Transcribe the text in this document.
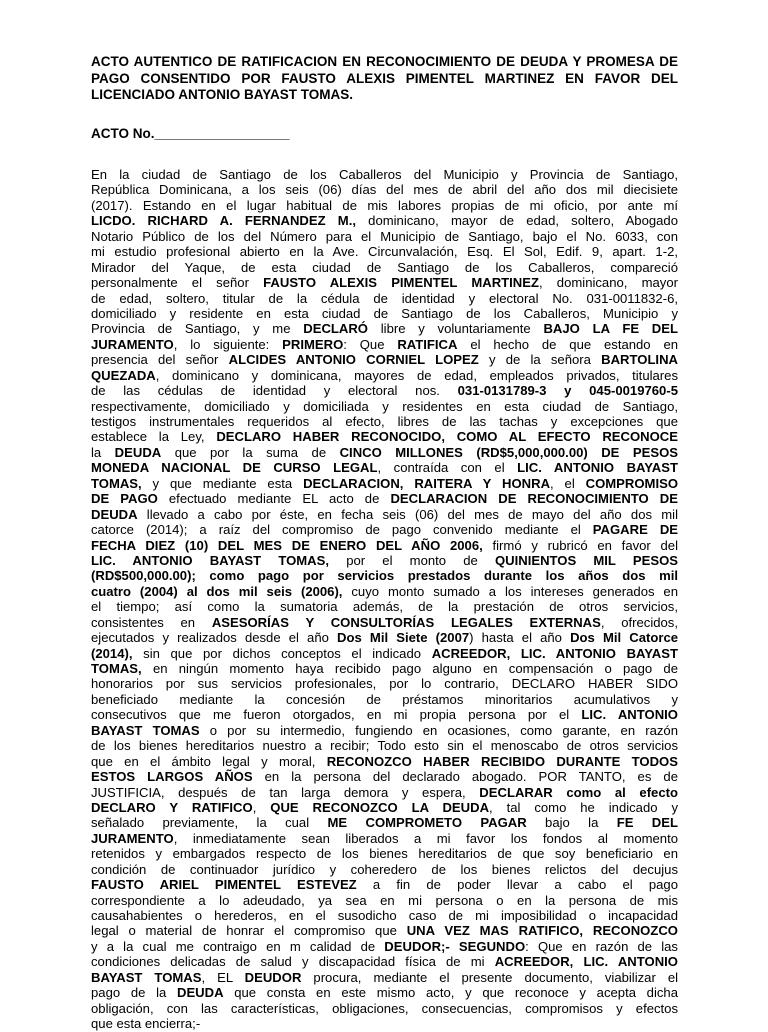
ACTO AUTENTICO DE RATIFICACION EN RECONOCIMIENTO DE DEUDA Y PROMESA DE PAGO CONSENTIDO POR FAUSTO ALEXIS PIMENTEL MARTINEZ EN FAVOR DEL LICENCIADO ANTONIO BAYAST TOMAS.
ACTO No.__________________
En la ciudad de Santiago de los Caballeros del Municipio y Provincia de Santiago,
República Dominicana, a los seis (06) días del mes de abril del año dos mil diecisiete
(2017). Estando en el lugar habitual de mis labores propias de mi oficio, por ante mí
LICDO. RICHARD A. FERNANDEZ M., dominicano, mayor de edad, soltero, Abogado
Notario Público de los del Número para el Municipio de Santiago, bajo el No. 6033, con
mi estudio profesional abierto en la Ave. Circunvalación, Esq. El Sol, Edif. 9, apart. 1-2,
Mirador del Yaque, de esta ciudad de Santiago de los Caballeros, compareció
personalmente el señor FAUSTO ALEXIS PIMENTEL MARTINEZ, dominicano, mayor
de edad, soltero, titular de la cédula de identidad y electoral No. 031-0011832-6,
domiciliado y residente en esta ciudad de Santiago de los Caballeros, Municipio y
Provincia de Santiago, y me DECLARÓ libre y voluntariamente BAJO LA FE DEL
JURAMENTO, lo siguiente: PRIMERO: Que RATIFICA el hecho de que estando en
presencia del señor ALCIDES ANTONIO CORNIEL LOPEZ y de la señora BARTOLINA
QUEZADA, dominicano y dominicana, mayores de edad, empleados privados, titulares
de las cédulas de identidad y electoral nos. 031-0131789-3 y 045-0019760-5
respectivamente, domiciliado y domiciliada y residentes en esta ciudad de Santiago,
testigos instrumentales requeridos al efecto, libres de las tachas y excepciones que
establece la Ley, DECLARO HABER RECONOCIDO, COMO AL EFECTO RECONOCE
la DEUDA que por la suma de CINCO MILLONES (RD$5,000,000.00) DE PESOS
MONEDA NACIONAL DE CURSO LEGAL, contraída con el LIC. ANTONIO BAYAST
TOMAS, y que mediante esta DECLARACION, RAITERA Y HONRA, el COMPROMISO
DE PAGO efectuado mediante EL acto de DECLARACION DE RECONOCIMIENTO DE
DEUDA llevado a cabo por éste, en fecha seis (06) del mes de mayo del año dos mil
catorce (2014); a raíz del compromiso de pago convenido mediante el PAGARE DE
FECHA DIEZ (10) DEL MES DE ENERO DEL AÑO 2006, firmó y rubricó en favor del
LIC. ANTONIO BAYAST TOMAS, por el monto de QUINIENTOS MIL PESOS
(RD$500,000.00); como pago por servicios prestados durante los años dos mil
cuatro (2004) al dos mil seis (2006), cuyo monto sumado a los intereses generados en
el tiempo; así como la sumatoria además, de la prestación de otros servicios,
consistentes en ASESORÍAS Y CONSULTORÍAS LEGALES EXTERNAS, ofrecidos,
ejecutados y realizados desde el año Dos Mil Siete (2007) hasta el año Dos Mil Catorce
(2014), sin que por dichos conceptos el indicado ACREEDOR, LIC. ANTONIO BAYAST
TOMAS, en ningún momento haya recibido pago alguno en compensación o pago de
honorarios por sus servicios profesionales, por lo contrario, DECLARO HABER SIDO
beneficiado mediante la concesión de préstamos minoritarios acumulativos y
consecutivos que me fueron otorgados, en mi propia persona por el LIC. ANTONIO
BAYAST TOMAS o por su intermedio, fungiendo en ocasiones, como garante, en razón
de los bienes hereditarios nuestro a recibir; Todo esto sin el menoscabo de otros servicios
que en el ámbito legal y moral, RECONOZCO HABER RECIBIDO DURANTE TODOS
ESTOS LARGOS AÑOS en la persona del declarado abogado. POR TANTO, es de
JUSTIFICIA, después de tan larga demora y espera, DECLARAR como al efecto
DECLARO Y RATIFICO, QUE RECONOZCO LA DEUDA, tal como he indicado y
señalado previamente, la cual ME COMPROMETO PAGAR bajo la FE DEL
JURAMENTO, inmediatamente sean liberados a mi favor los fondos al momento
retenidos y embargados respecto de los bienes hereditarios de que soy beneficiario en
condición de continuador jurídico y coheredero de los bienes relictos del decujus
FAUSTO ARIEL PIMENTEL ESTEVEZ a fin de poder llevar a cabo el pago
correspondiente a lo adeudado, ya sea en mi persona o en la persona de mis
causahabientes o herederos, en el susodicho caso de mi imposibilidad o incapacidad
legal o material de honrar el compromiso que UNA VEZ MAS RATIFICO, RECONOZCO
y a la cual me contraigo en m calidad de DEUDOR;- SEGUNDO: Que en razón de las
condiciones delicadas de salud y discapacidad física de mi ACREEDOR, LIC. ANTONIO
BAYAST TOMAS, EL DEUDOR procura, mediante el presente documento, viabilizar el
pago de la DEUDA que consta en este mismo acto, y que reconoce y acepta dicha
obligación, con las características, obligaciones, consecuencias, compromisos y efectos
que esta encierra;-
